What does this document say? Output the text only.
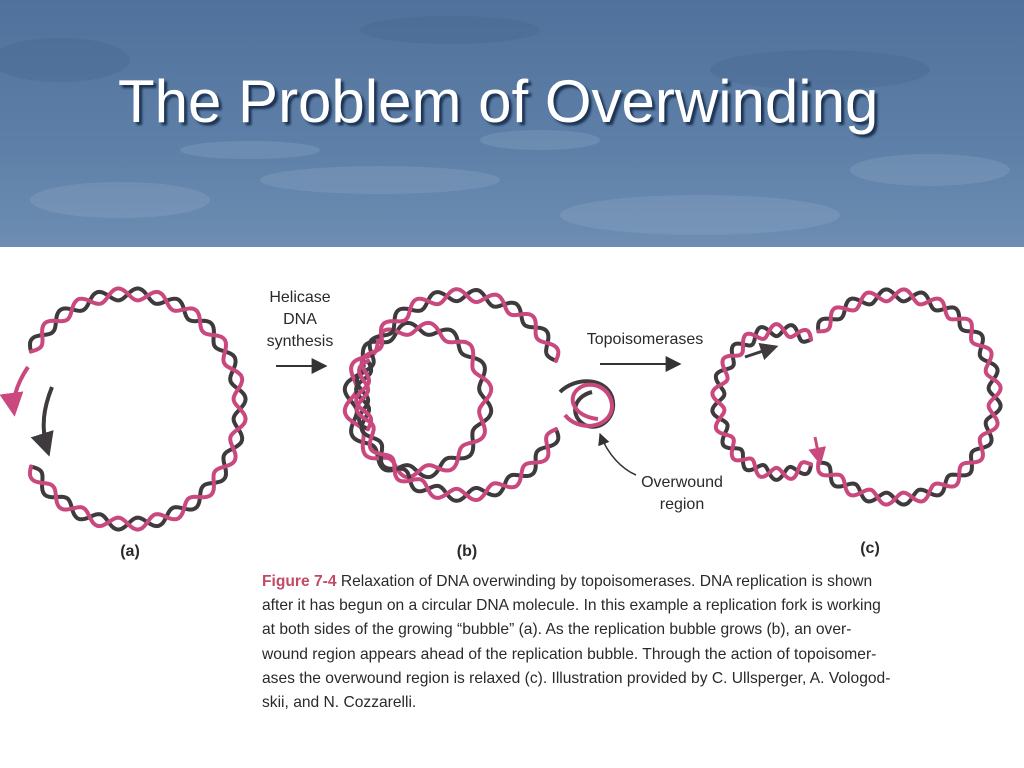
The Problem of Overwinding
Helicase
DNA
synthesis	Topoisomerases
Overwound
region
(a)	(b)	(c)

Figure 7-4 Relaxation of DNA overwinding by topoisomerases. DNA replication is shown
after it has begun on a circular DNA molecule. In this example a replication fork is working
at both sides of the growing “bubble” (a). As the replication bubble grows (b), an over-
wound region appears ahead of the replication bubble. Through the action of topoisomer-
ases the overwound region is relaxed (c). Illustration provided by C. Ullsperger, A. Vologod-
skii, and N. Cozzarelli.
